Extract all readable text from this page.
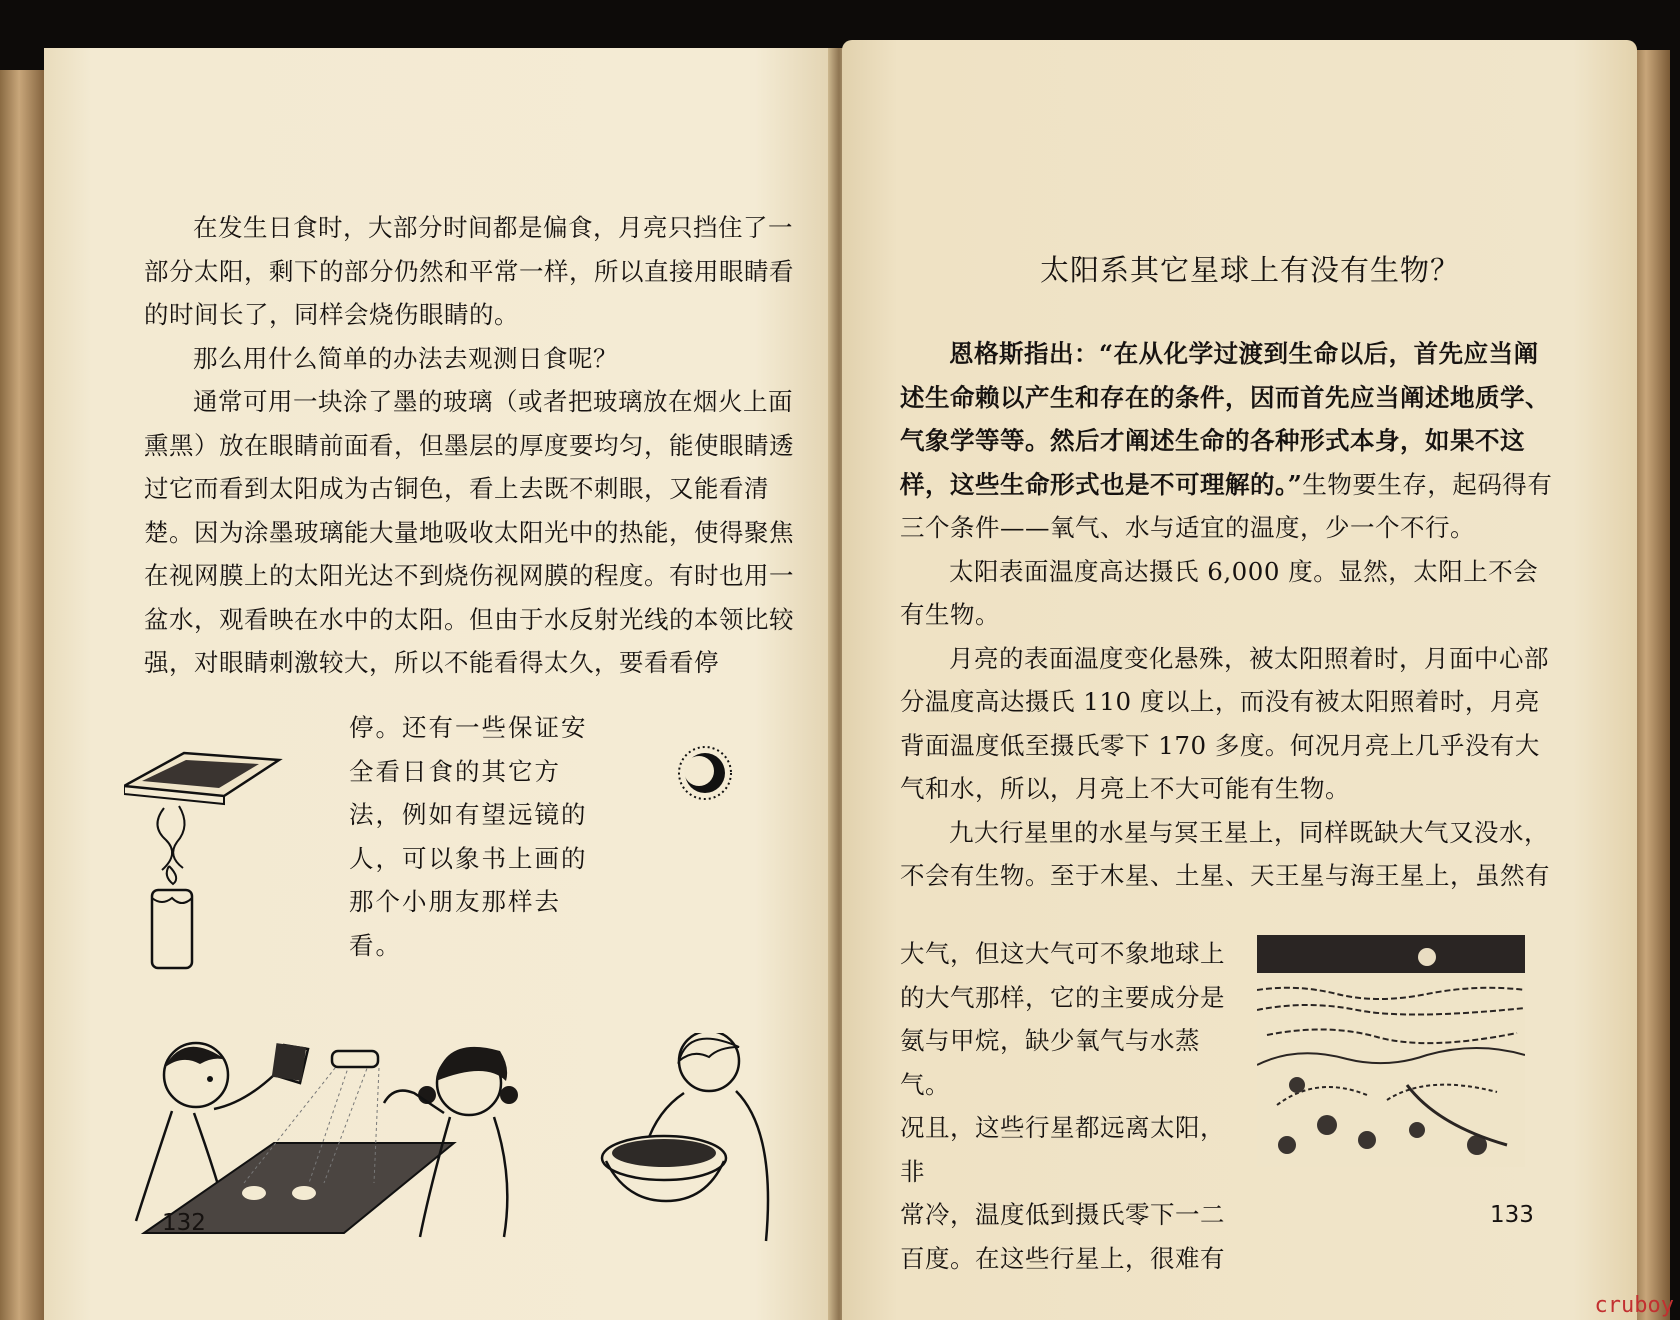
在发生日食时，大部分时间都是偏食，月亮只挡住了一部分太阳，剩下的部分仍然和平常一样，所以直接用眼睛看的时间长了，同样会烧伤眼睛的。

那么用什么简单的办法去观测日食呢？

通常可用一块涂了墨的玻璃（或者把玻璃放在烟火上面熏黑）放在眼睛前面看，但墨层的厚度要均匀，能使眼睛透过它而看到太阳成为古铜色，看上去既不刺眼，又能看清楚。因为涂墨玻璃能大量地吸收太阳光中的热能，使得聚焦在视网膜上的太阳光达不到烧伤视网膜的程度。有时也用一盆水，观看映在水中的太阳。但由于水反射光线的本领比较强，对眼睛刺激较大，所以不能看得太久，要看看停

停。还有一些保证安

全看日食的其它方

法，例如有望远镜的

人，可以象书上画的

那个小朋友那样去

看。

132
太阳系其它星球上有没有生物？

恩格斯指出：“在从化学过渡到生命以后，首先应当阐述生命赖以产生和存在的条件，因而首先应当阐述地质学、气象学等等。然后才阐述生命的各种形式本身，如果不这样，这些生命形式也是不可理解的。”生物要生存，起码得有三个条件——氧气、水与适宜的温度，少一个不行。

太阳表面温度高达摄氏 6,000 度。显然，太阳上不会有生物。

月亮的表面温度变化悬殊，被太阳照着时，月面中心部分温度高达摄氏 110 度以上，而没有被太阳照着时，月亮背面温度低至摄氏零下 170 多度。何况月亮上几乎没有大气和水，所以，月亮上不大可能有生物。

九大行星里的水星与冥王星上，同样既缺大气又没水，不会有生物。至于木星、土星、天王星与海王星上，虽然有

大气，但这大气可不象地球上

的大气那样，它的主要成分是

氨与甲烷，缺少氧气与水蒸气。

况且，这些行星都远离太阳，非

常冷，温度低到摄氏零下一二

百度。在这些行星上，很难有

133
cruboy
